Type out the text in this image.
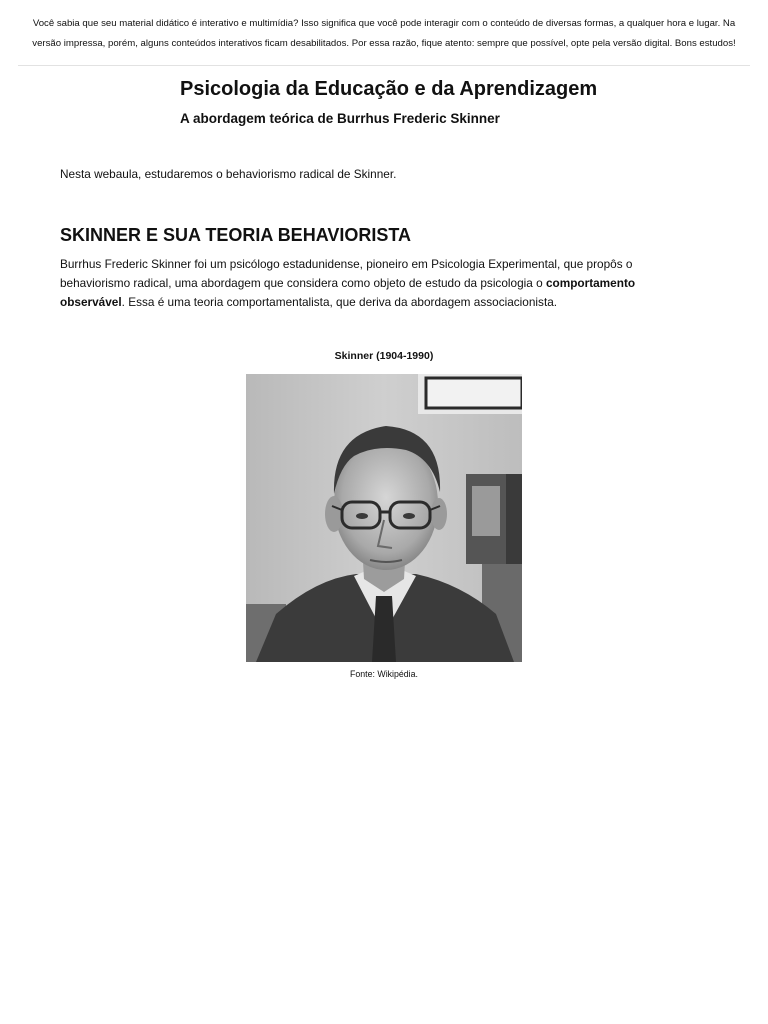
Você sabia que seu material didático é interativo e multimídia? Isso significa que você pode interagir com o conteúdo de diversas formas, a qualquer hora e lugar. Na versão impressa, porém, alguns conteúdos interativos ficam desabilitados. Por essa razão, fique atento: sempre que possível, opte pela versão digital. Bons estudos!
Psicologia da Educação e da Aprendizagem
A abordagem teórica de Burrhus Frederic Skinner
Nesta webaula, estudaremos o behaviorismo radical de Skinner.
SKINNER E SUA TEORIA BEHAVIORISTA
Burrhus Frederic Skinner foi um psicólogo estadunidense, pioneiro em Psicologia Experimental, que propôs o behaviorismo radical, uma abordagem que considera como objeto de estudo da psicologia o comportamento observável. Essa é uma teoria comportamentalista, que deriva da abordagem associacionista.
Skinner (1904-1990)
Fonte: Wikipédia.
